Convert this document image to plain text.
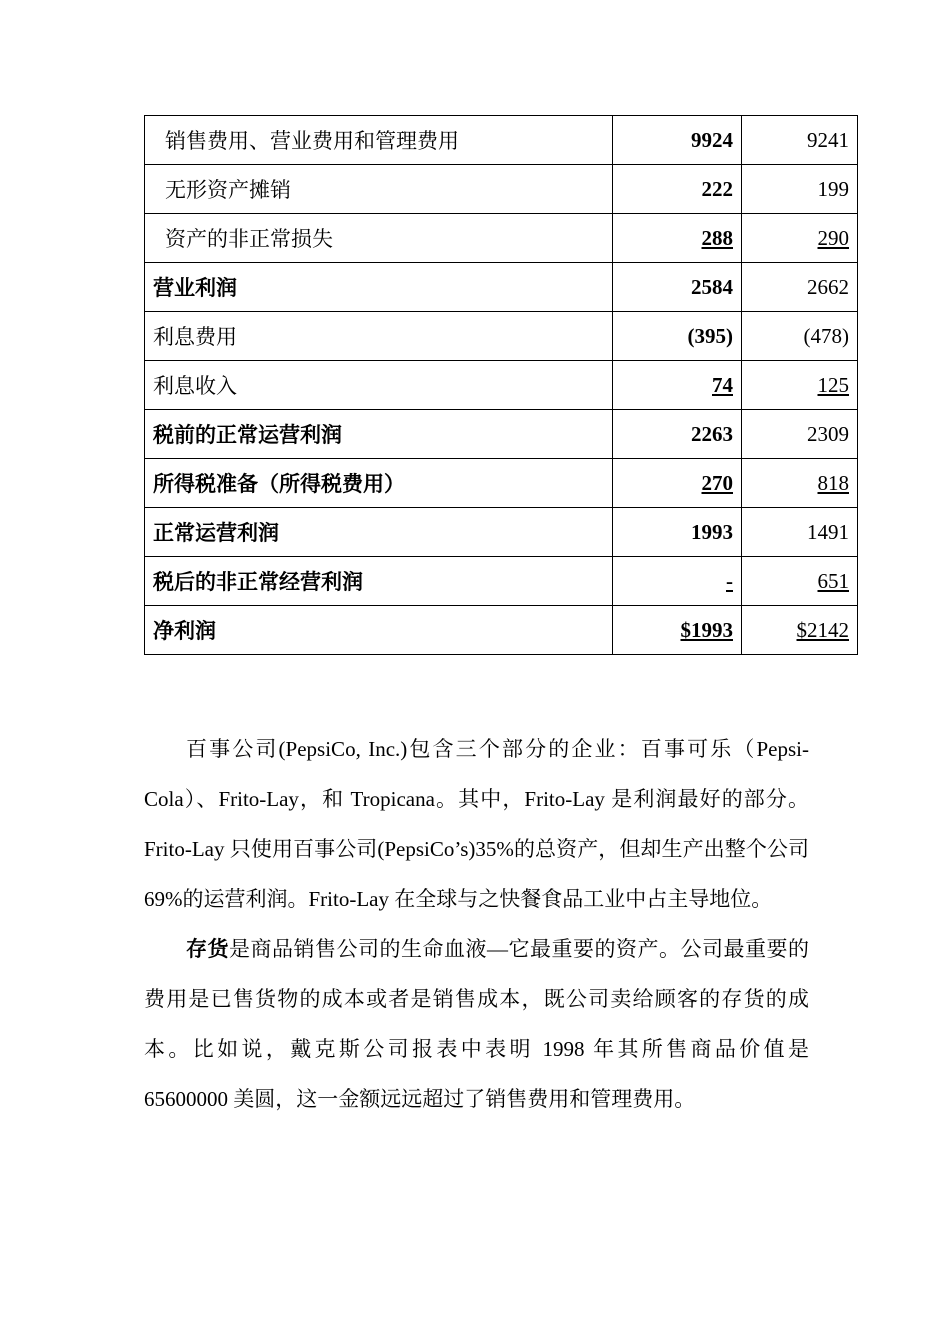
销售费用、营业费用和管理费用	9924	9241
无形资产摊销	222	199
资产的非正常损失	288	290
营业利润	2584	2662
利息费用	(395)	(478)
利息收入	74	125
税前的正常运营利润	2263	2309
所得税准备（所得税费用）	270	818
正常运营利润	1993	1491
税后的非正常经营利润	-	651
净利润	$1993	$2142

百事公司(PepsiCo, Inc.)包含三个部分的企业：百事可乐（Pepsi-Cola）、Frito-Lay，和 Tropicana。其中，Frito-Lay 是利润最好的部分。Frito-Lay 只使用百事公司(PepsiCo’s)35%的总资产，但却生产出整个公司 69%的运营利润。Frito-Lay 在全球与之快餐食品工业中占主导地位。

存货是商品销售公司的生命血液—它最重要的资产。公司最重要的费用是已售货物的成本或者是销售成本，既公司卖给顾客的存货的成本。比如说，戴克斯公司报表中表明 1998 年其所售商品价值是 65600000 美圆，这一金额远远超过了销售费用和管理费用。
